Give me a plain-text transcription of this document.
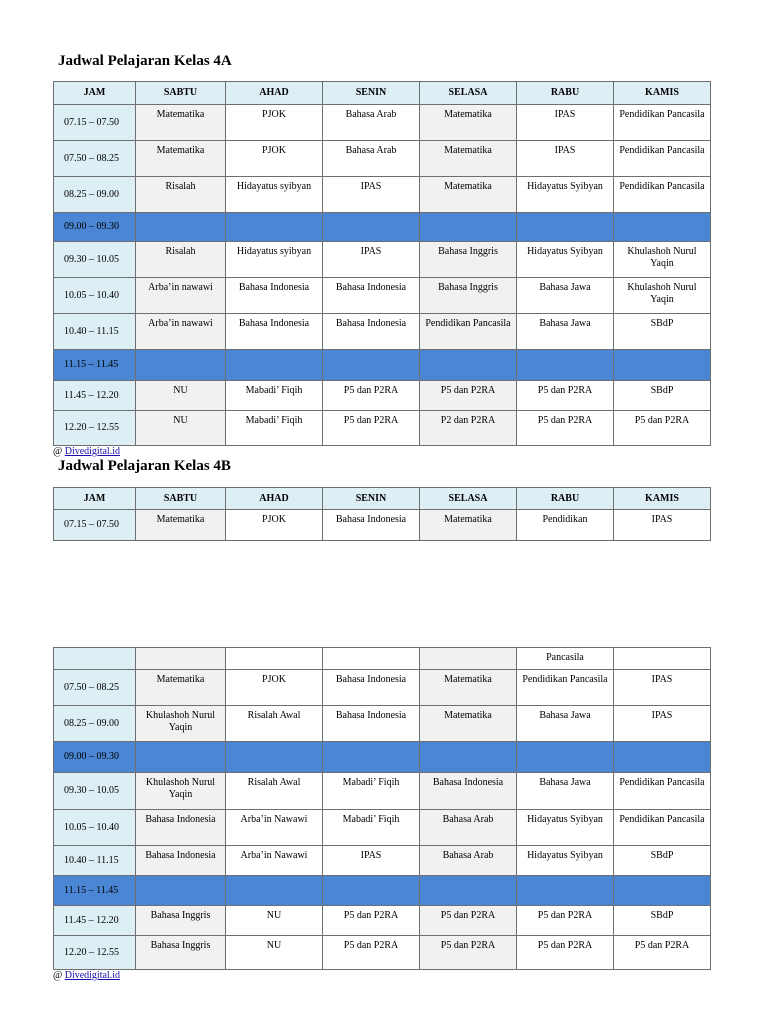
Jadwal Pelajaran Kelas 4A
JAM	SABTU	AHAD	SENIN	SELASA	RABU	KAMIS
07.15 – 07.50	Matematika	PJOK	Bahasa Arab	Matematika	IPAS	Pendidikan Pancasila
07.50 – 08.25	Matematika	PJOK	Bahasa Arab	Matematika	IPAS	Pendidikan Pancasila
08.25 – 09.00	Risalah	Hidayatus syibyan	IPAS	Matematika	Hidayatus Syibyan	Pendidikan Pancasila
09.00 – 09.30						
09.30 – 10.05	Risalah	Hidayatus syibyan	IPAS	Bahasa Inggris	Hidayatus Syibyan	Khulashoh Nurul Yaqin
10.05 – 10.40	Arba’in nawawi	Bahasa Indonesia	Bahasa Indonesia	Bahasa Inggris	Bahasa Jawa	Khulashoh Nurul Yaqin
10.40 – 11.15	Arba’in nawawi	Bahasa Indonesia	Bahasa Indonesia	Pendidikan Pancasila	Bahasa Jawa	SBdP
11.15 – 11.45						
11.45 – 12.20	NU	Mabadi’ Fiqih	P5 dan P2RA	P5 dan P2RA	P5 dan P2RA	SBdP
12.20 – 12.55	NU	Mabadi’ Fiqih	P5 dan P2RA	P2 dan P2RA	P5 dan P2RA	P5 dan P2RA
@ Divedigital.id
Jadwal Pelajaran Kelas 4B
JAM	SABTU	AHAD	SENIN	SELASA	RABU	KAMIS
07.15 – 07.50	Matematika	PJOK	Bahasa Indonesia	Matematika	Pendidikan	IPAS
					Pancasila	
07.50 – 08.25	Matematika	PJOK	Bahasa Indonesia	Matematika	Pendidikan Pancasila	IPAS
08.25 – 09.00	Khulashoh Nurul Yaqin	Risalah Awal	Bahasa Indonesia	Matematika	Bahasa Jawa	IPAS
09.00 – 09.30						
09.30 – 10.05	Khulashoh Nurul Yaqin	Risalah Awal	Mabadi’ Fiqih	Bahasa Indonesia	Bahasa Jawa	Pendidikan Pancasila
10.05 – 10.40	Bahasa Indonesia	Arba’in Nawawi	Mabadi’ Fiqih	Bahasa Arab	Hidayatus Syibyan	Pendidikan Pancasila
10.40 – 11.15	Bahasa Indonesia	Arba’in Nawawi	IPAS	Bahasa Arab	Hidayatus Syibyan	SBdP
11.15 – 11.45						
11.45 – 12.20	Bahasa Inggris	NU	P5 dan P2RA	P5 dan P2RA	P5 dan P2RA	SBdP
12.20 – 12.55	Bahasa Inggris	NU	P5 dan P2RA	P5 dan P2RA	P5 dan P2RA	P5 dan P2RA
@ Divedigital.id
